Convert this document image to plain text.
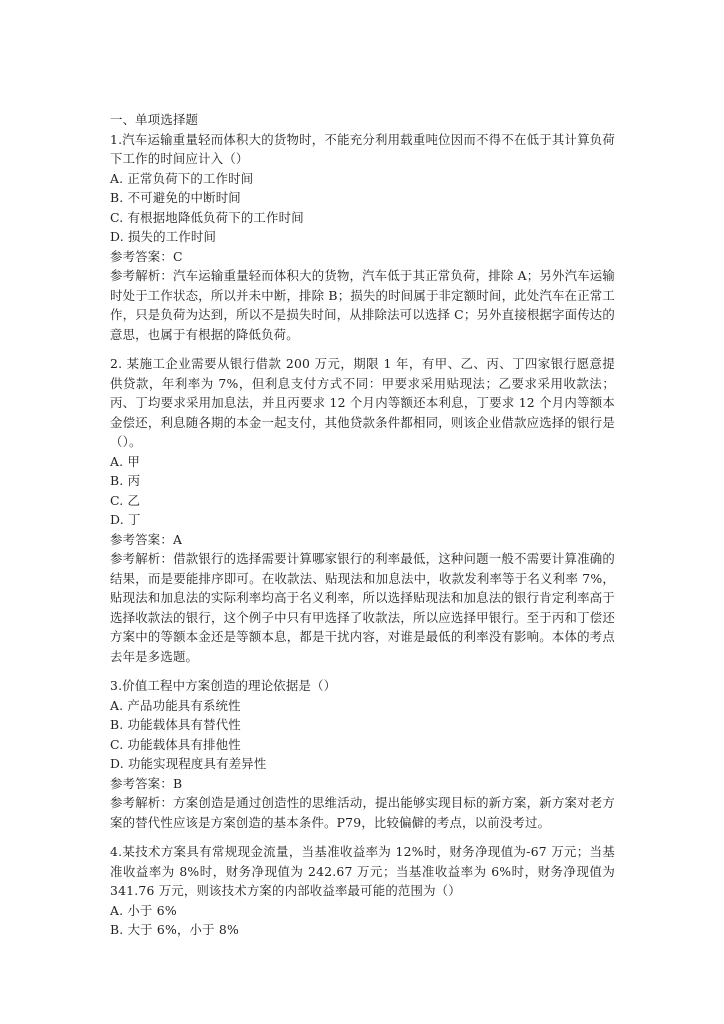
一、单项选择题
1.汽车运输重量轻而体积大的货物时，不能充分利用载重吨位因而不得不在低于其计算负荷下工作的时间应计入（）
A. 正常负荷下的工作时间
B. 不可避免的中断时间
C. 有根据地降低负荷下的工作时间
D. 损失的工作时间
参考答案：C
参考解析：汽车运输重量轻而体积大的货物，汽车低于其正常负荷，排除 A；另外汽车运输时处于工作状态，所以并未中断，排除 B；损失的时间属于非定额时间，此处汽车在正常工作，只是负荷为达到，所以不是损失时间，从排除法可以选择 C；另外直接根据字面传达的意思，也属于有根据的降低负荷。
2. 某施工企业需要从银行借款 200 万元，期限 1 年，有甲、乙、丙、丁四家银行愿意提供贷款，年利率为 7%，但利息支付方式不同：甲要求采用贴现法；乙要求采用收款法；丙、丁均要求采用加息法，并且丙要求 12 个月内等额还本利息，丁要求 12 个月内等额本金偿还，利息随各期的本金一起支付，其他贷款条件都相同，则该企业借款应选择的银行是（）。
A. 甲
B. 丙
C. 乙
D. 丁
参考答案：A
参考解析：借款银行的选择需要计算哪家银行的利率最低，这种问题一般不需要计算准确的结果，而是要能排序即可。在收款法、贴现法和加息法中，收款发利率等于名义利率 7%，贴现法和加息法的实际利率均高于名义利率，所以选择贴现法和加息法的银行肯定利率高于选择收款法的银行，这个例子中只有甲选择了收款法，所以应选择甲银行。至于丙和丁偿还方案中的等额本金还是等额本息，都是干扰内容，对谁是最低的利率没有影响。本体的考点去年是多选题。
3.价值工程中方案创造的理论依据是（）
A. 产品功能具有系统性
B. 功能载体具有替代性
C. 功能载体具有排他性
D. 功能实现程度具有差异性
参考答案：B
参考解析：方案创造是通过创造性的思维活动，提出能够实现目标的新方案，新方案对老方案的替代性应该是方案创造的基本条件。P79，比较偏僻的考点，以前没考过。
4.某技术方案具有常规现金流量，当基准收益率为 12%时，财务净现值为-67 万元；当基准收益率为 8%时，财务净现值为 242.67 万元；当基准收益率为 6%时，财务净现值为 341.76 万元，则该技术方案的内部收益率最可能的范围为（）
A. 小于 6%
B. 大于 6%，小于 8%
